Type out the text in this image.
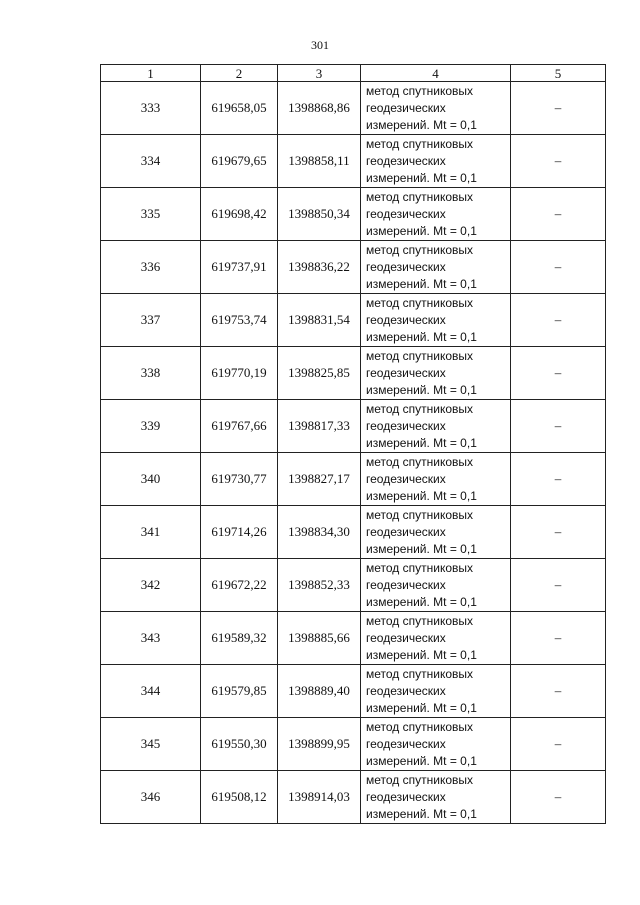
301
1	2	3	4	5
333	619658,05	1398868,86	метод спутниковых
геодезических
измерений. Mt = 0,1	–
334	619679,65	1398858,11	метод спутниковых
геодезических
измерений. Mt = 0,1	–
335	619698,42	1398850,34	метод спутниковых
геодезических
измерений. Mt = 0,1	–
336	619737,91	1398836,22	метод спутниковых
геодезических
измерений. Mt = 0,1	–
337	619753,74	1398831,54	метод спутниковых
геодезических
измерений. Mt = 0,1	–
338	619770,19	1398825,85	метод спутниковых
геодезических
измерений. Mt = 0,1	–
339	619767,66	1398817,33	метод спутниковых
геодезических
измерений. Mt = 0,1	–
340	619730,77	1398827,17	метод спутниковых
геодезических
измерений. Mt = 0,1	–
341	619714,26	1398834,30	метод спутниковых
геодезических
измерений. Mt = 0,1	–
342	619672,22	1398852,33	метод спутниковых
геодезических
измерений. Mt = 0,1	–
343	619589,32	1398885,66	метод спутниковых
геодезических
измерений. Mt = 0,1	–
344	619579,85	1398889,40	метод спутниковых
геодезических
измерений. Mt = 0,1	–
345	619550,30	1398899,95	метод спутниковых
геодезических
измерений. Mt = 0,1	–
346	619508,12	1398914,03	метод спутниковых
геодезических
измерений. Mt = 0,1	–
